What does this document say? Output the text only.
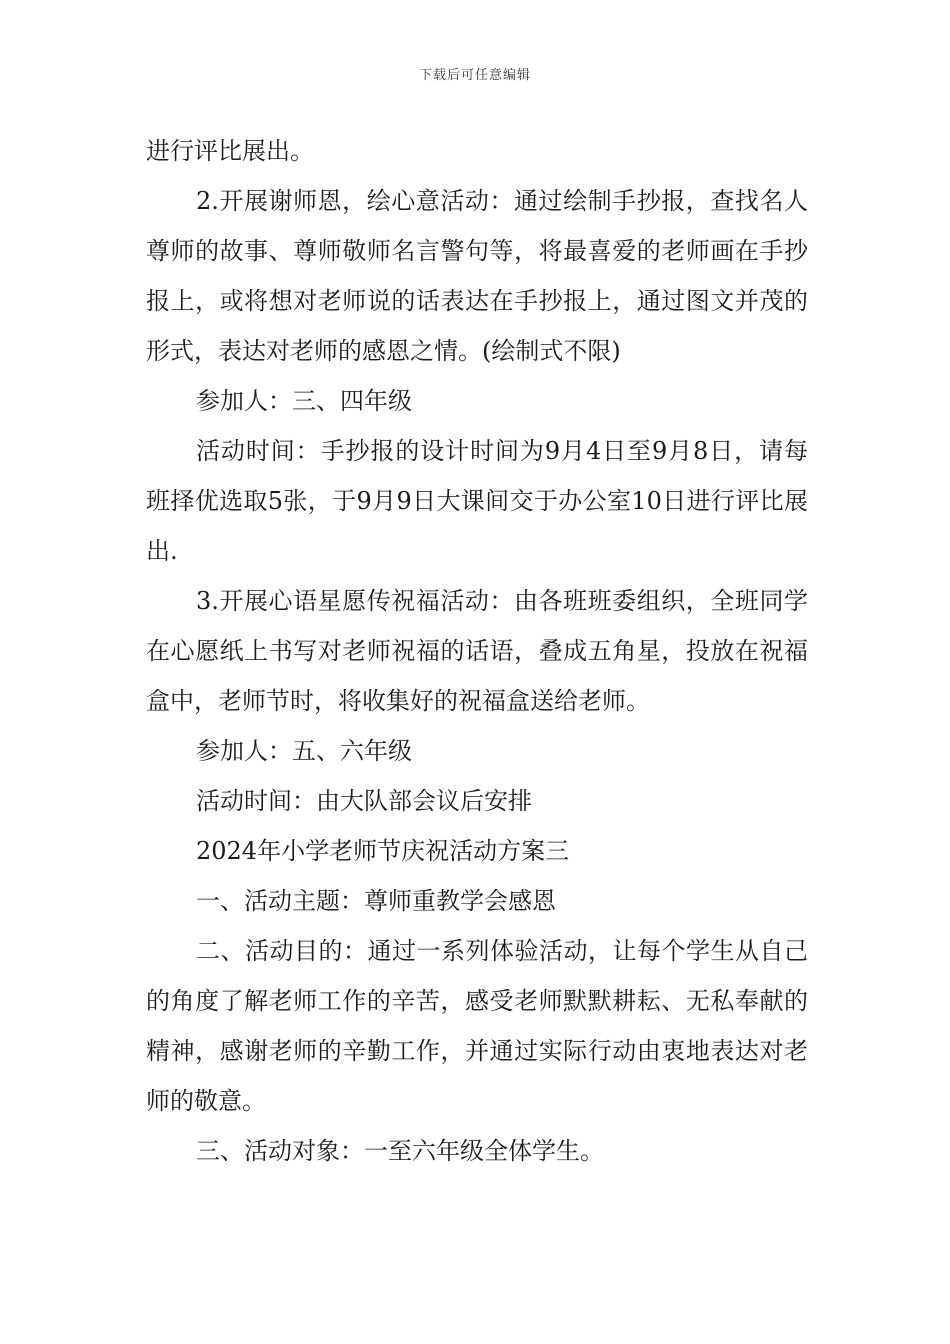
下载后可任意编辑

进行评比展出。

2.开展谢师恩，绘心意活动：通过绘制手抄报，查找名人尊师的故事、尊师敬师名言警句等，将最喜爱的老师画在手抄报上，或将想对老师说的话表达在手抄报上，通过图文并茂的形式，表达对老师的感恩之情。(绘制式不限)

参加人：三、四年级

活动时间：手抄报的设计时间为9月4日至9月8日，请每班择优选取5张，于9月9日大课间交于办公室10日进行评比展出.

3.开展心语星愿传祝福活动：由各班班委组织，全班同学在心愿纸上书写对老师祝福的话语，叠成五角星，投放在祝福盒中，老师节时，将收集好的祝福盒送给老师。

参加人：五、六年级

活动时间：由大队部会议后安排

2024年小学老师节庆祝活动方案三

一、活动主题：尊师重教学会感恩

二、活动目的：通过一系列体验活动，让每个学生从自己的角度了解老师工作的辛苦，感受老师默默耕耘、无私奉献的精神，感谢老师的辛勤工作，并通过实际行动由衷地表达对老师的敬意。

三、活动对象：一至六年级全体学生。
